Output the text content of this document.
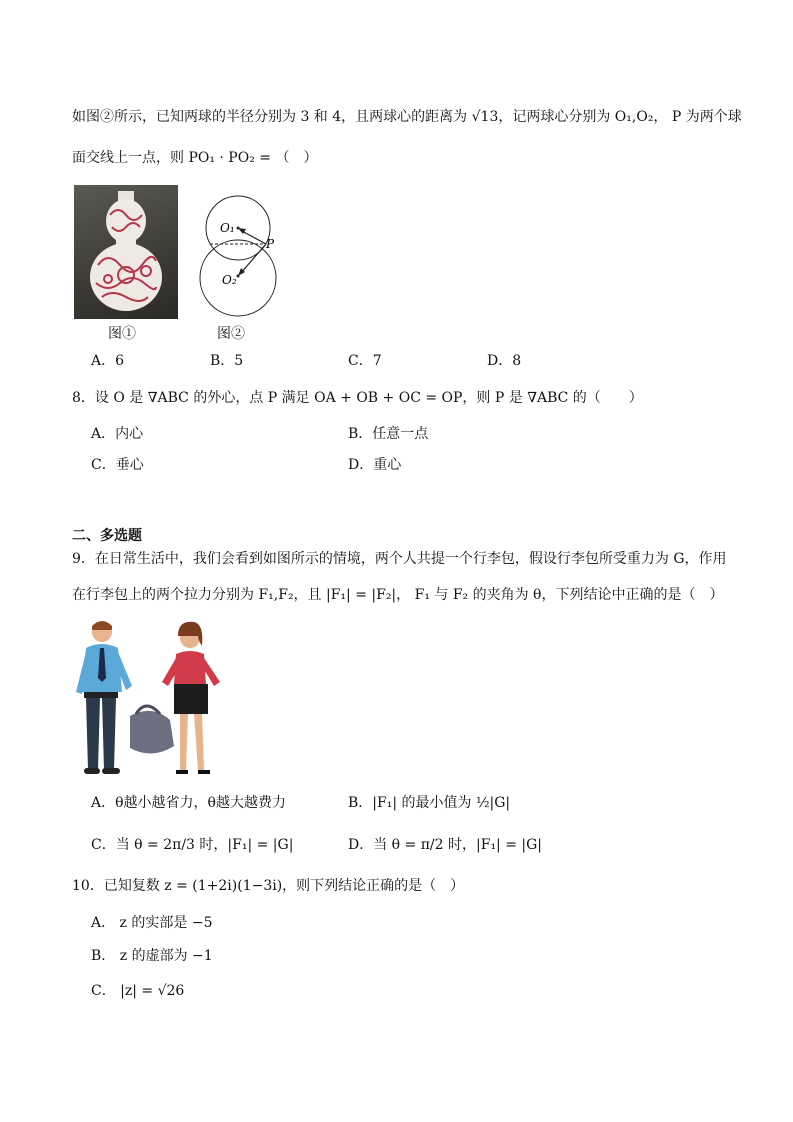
如图②所示，已知两球的半径分别为 3 和 4，且两球心的距离为 √13，记两球心分别为 O₁,O₂， P 为两个球
面交线上一点，则 PO₁ · PO₂ = （　）
图①
O₁
P
O₂
图②
A．6	B．5	C．7	D．8
8．设 O 是 ∇ABC 的外心，点 P 满足 OA + OB + OC = OP，则 P 是 ∇ABC 的（　　）
A．内心	B．任意一点
C．垂心	D．重心
二、多选题
9．在日常生活中，我们会看到如图所示的情境，两个人共提一个行李包，假设行李包所受重力为 G，作用
在行李包上的两个拉力分别为 F₁,F₂，且 |F₁| = |F₂|， F₁ 与 F₂ 的夹角为 θ，下列结论中正确的是（　）
A．θ越小越省力，θ越大越费力	B．|F₁| 的最小值为 ½|G|
C．当 θ = 2π/3 时，|F₁| = |G|	D．当 θ = π/2 时，|F₁| = |G|
10．已知复数 z = (1+2i)(1−3i)，则下列结论正确的是（　）
A． z 的实部是 −5
B． z 的虚部为 −1
C． |z| = √26
